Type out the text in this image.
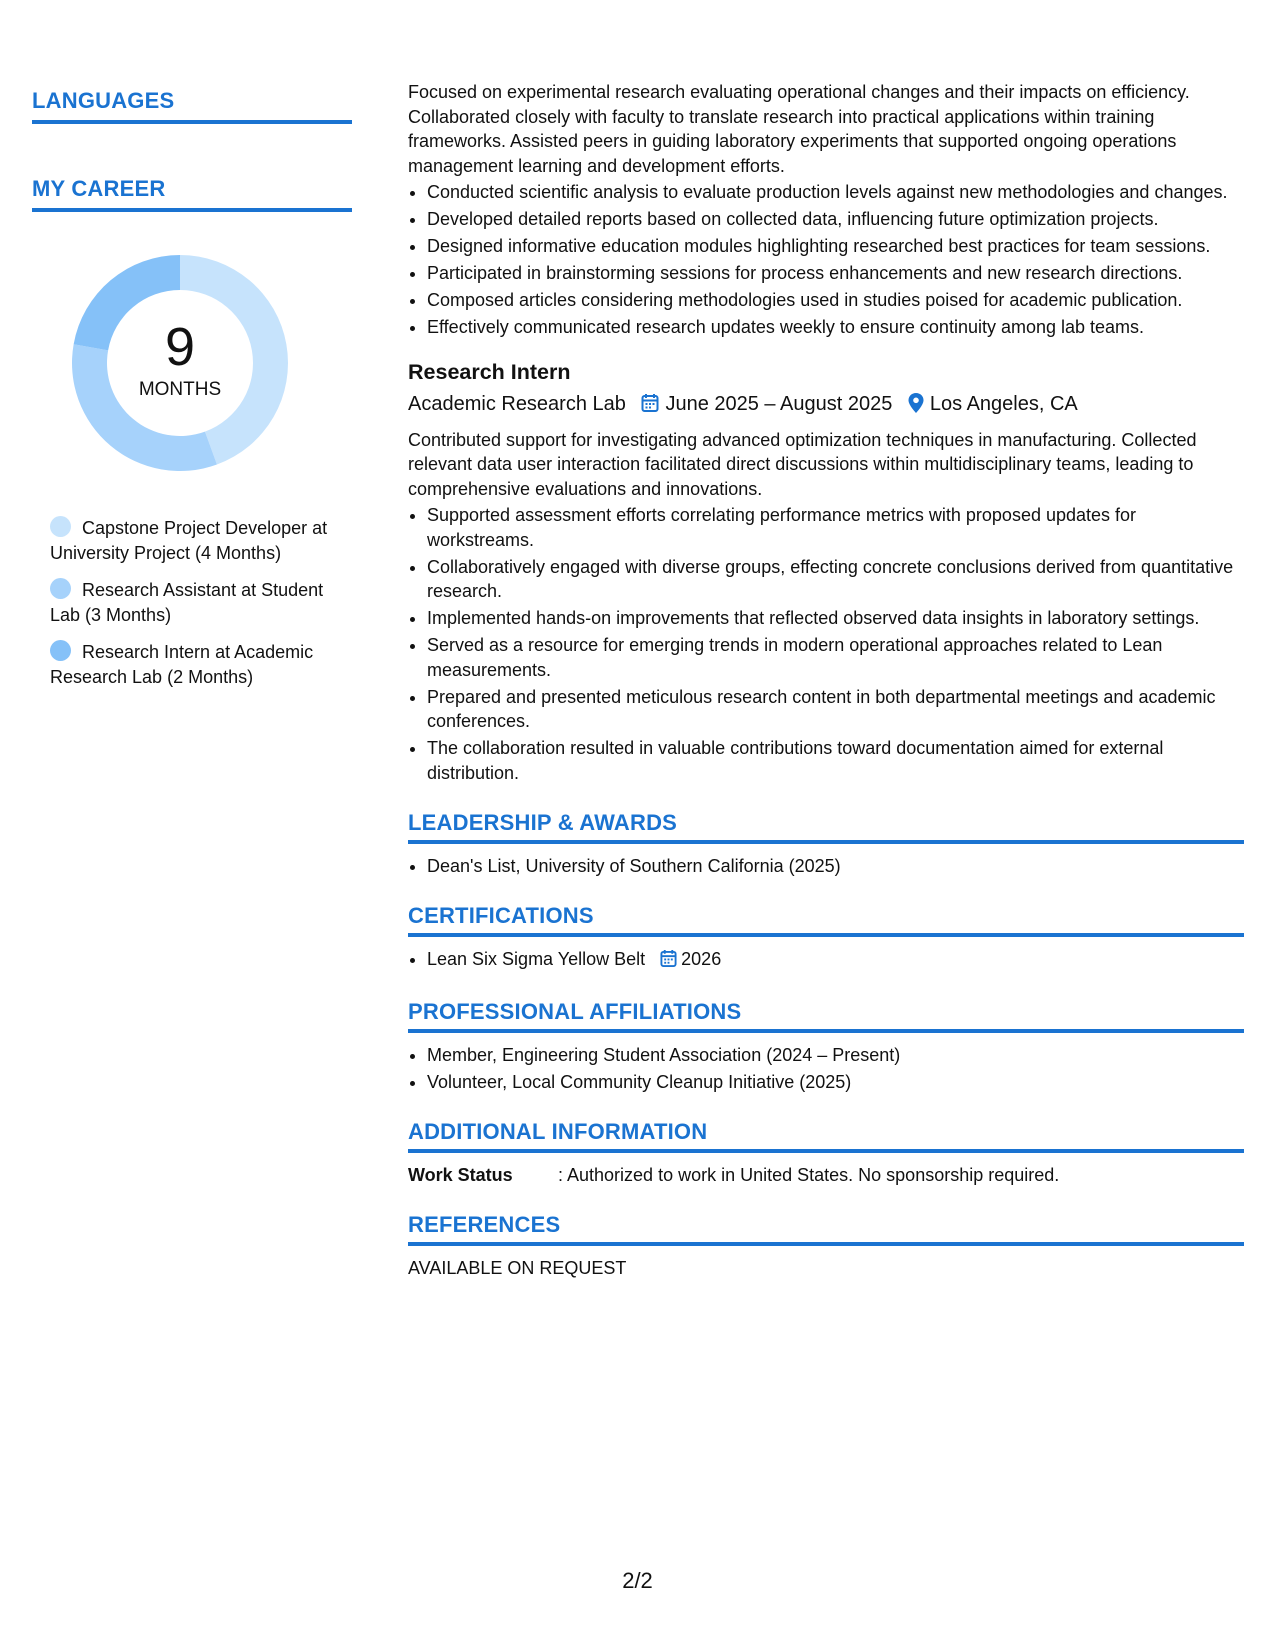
LANGUAGES
MY CAREER
9
MONTHS
Capstone Project Developer at University Project (4 Months)
Research Assistant at Student Lab (3 Months)
Research Intern at Academic Research Lab (2 Months)

Focused on experimental research evaluating operational changes and their impacts on efficiency. Collaborated closely with faculty to translate research into practical applications within training frameworks. Assisted peers in guiding laboratory experiments that supported ongoing operations management learning and development efforts.

• Conducted scientific analysis to evaluate production levels against new methodologies and changes.
• Developed detailed reports based on collected data, influencing future optimization projects.
• Designed informative education modules highlighting researched best practices for team sessions.
• Participated in brainstorming sessions for process enhancements and new research directions.
• Composed articles considering methodologies used in studies poised for academic publication.
• Effectively communicated research updates weekly to ensure continuity among lab teams.
Research Intern
Academic Research Lab June 2025 – August 2025 Los Angeles, CA

Contributed support for investigating advanced optimization techniques in manufacturing. Collected relevant data user interaction facilitated direct discussions within multidisciplinary teams, leading to comprehensive evaluations and innovations.

• Supported assessment efforts correlating performance metrics with proposed updates for workstreams.
• Collaboratively engaged with diverse groups, effecting concrete conclusions derived from quantitative research.
• Implemented hands-on improvements that reflected observed data insights in laboratory settings.
• Served as a resource for emerging trends in modern operational approaches related to Lean measurements.
• Prepared and presented meticulous research content in both departmental meetings and academic conferences.
• The collaboration resulted in valuable contributions toward documentation aimed for external distribution.
LEADERSHIP & AWARDS
• Dean's List, University of Southern California (2025)
CERTIFICATIONS
• Lean Six Sigma Yellow Belt 2026
PROFESSIONAL AFFILIATIONS
• Member, Engineering Student Association (2024 – Present)
• Volunteer, Local Community Cleanup Initiative (2025)
ADDITIONAL INFORMATION
Work Status	: Authorized to work in United States. No sponsorship required.
REFERENCES
AVAILABLE ON REQUEST
2/2
